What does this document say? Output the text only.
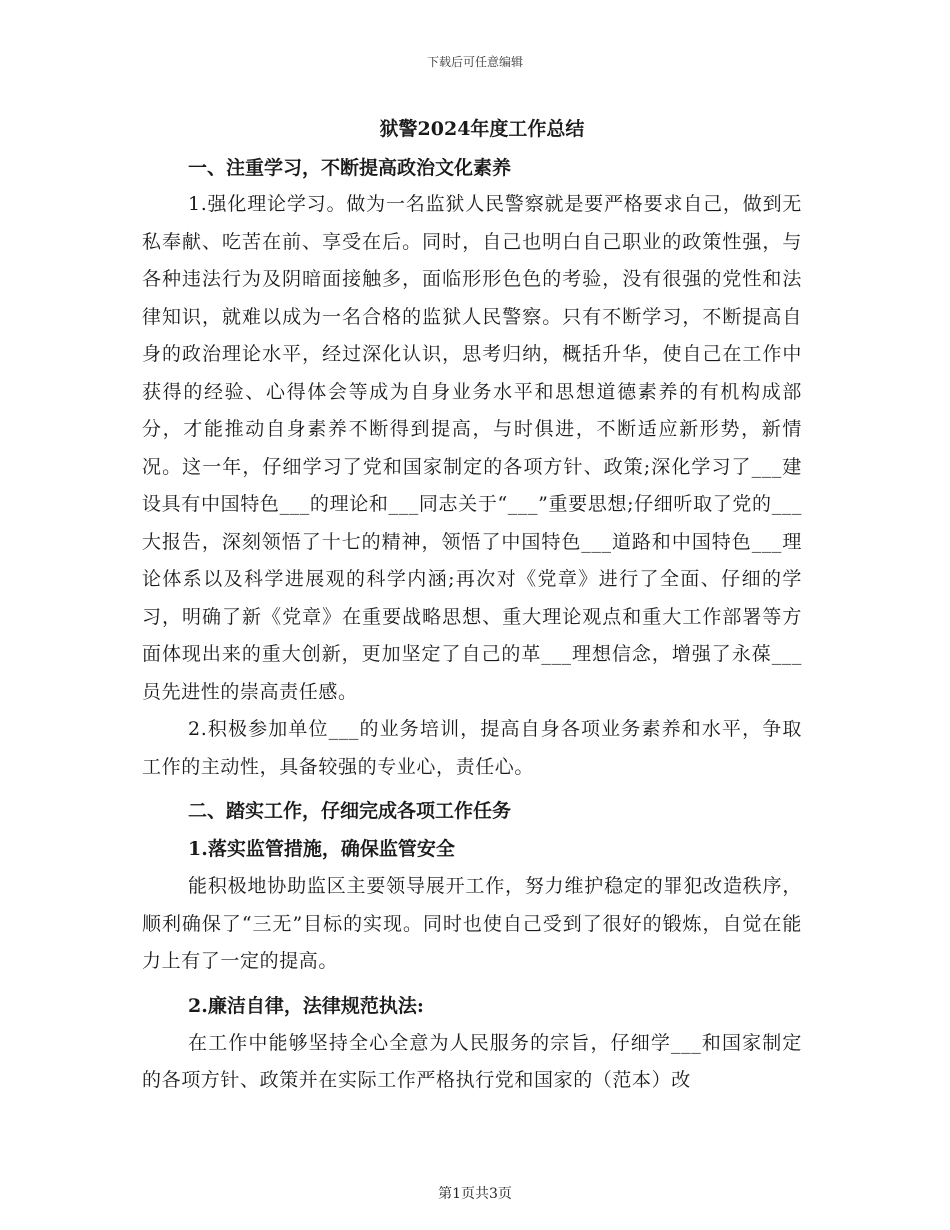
下载后可任意编辑
狱警2024年度工作总结
一、注重学习，不断提高政治文化素养

1.强化理论学习。做为一名监狱人民警察就是要严格要求自己，做到无私奉献、吃苦在前、享受在后。同时，自己也明白自己职业的政策性强，与各种违法行为及阴暗面接触多，面临形形色色的考验，没有很强的党性和法律知识，就难以成为一名合格的监狱人民警察。只有不断学习，不断提高自身的政治理论水平，经过深化认识，思考归纳，概括升华，使自己在工作中获得的经验、心得体会等成为自身业务水平和思想道德素养的有机构成部分，才能推动自身素养不断得到提高，与时俱进，不断适应新形势，新情况。这一年，仔细学习了党和国家制定的各项方针、政策;深化学习了___建设具有中国特色___的理论和___同志关于“___”重要思想;仔细听取了党的___大报告，深刻领悟了十七的精神，领悟了中国特色___道路和中国特色___理论体系以及科学进展观的科学内涵;再次对《党章》进行了全面、仔细的学习，明确了新《党章》在重要战略思想、重大理论观点和重大工作部署等方面体现出来的重大创新，更加坚定了自己的革___理想信念，增强了永葆___员先进性的崇高责任感。

2.积极参加单位___的业务培训，提高自身各项业务素养和水平，争取工作的主动性，具备较强的专业心，责任心。

二、踏实工作，仔细完成各项工作任务
1.落实监管措施，确保监管安全

能积极地协助监区主要领导展开工作，努力维护稳定的罪犯改造秩序，顺利确保了“三无”目标的实现。同时也使自己受到了很好的锻炼，自觉在能力上有了一定的提高。

2.廉洁自律，法律规范执法:

在工作中能够坚持全心全意为人民服务的宗旨，仔细学___和国家制定的各项方针、政策并在实际工作严格执行党和国家的（范本）改

第1页共3页
